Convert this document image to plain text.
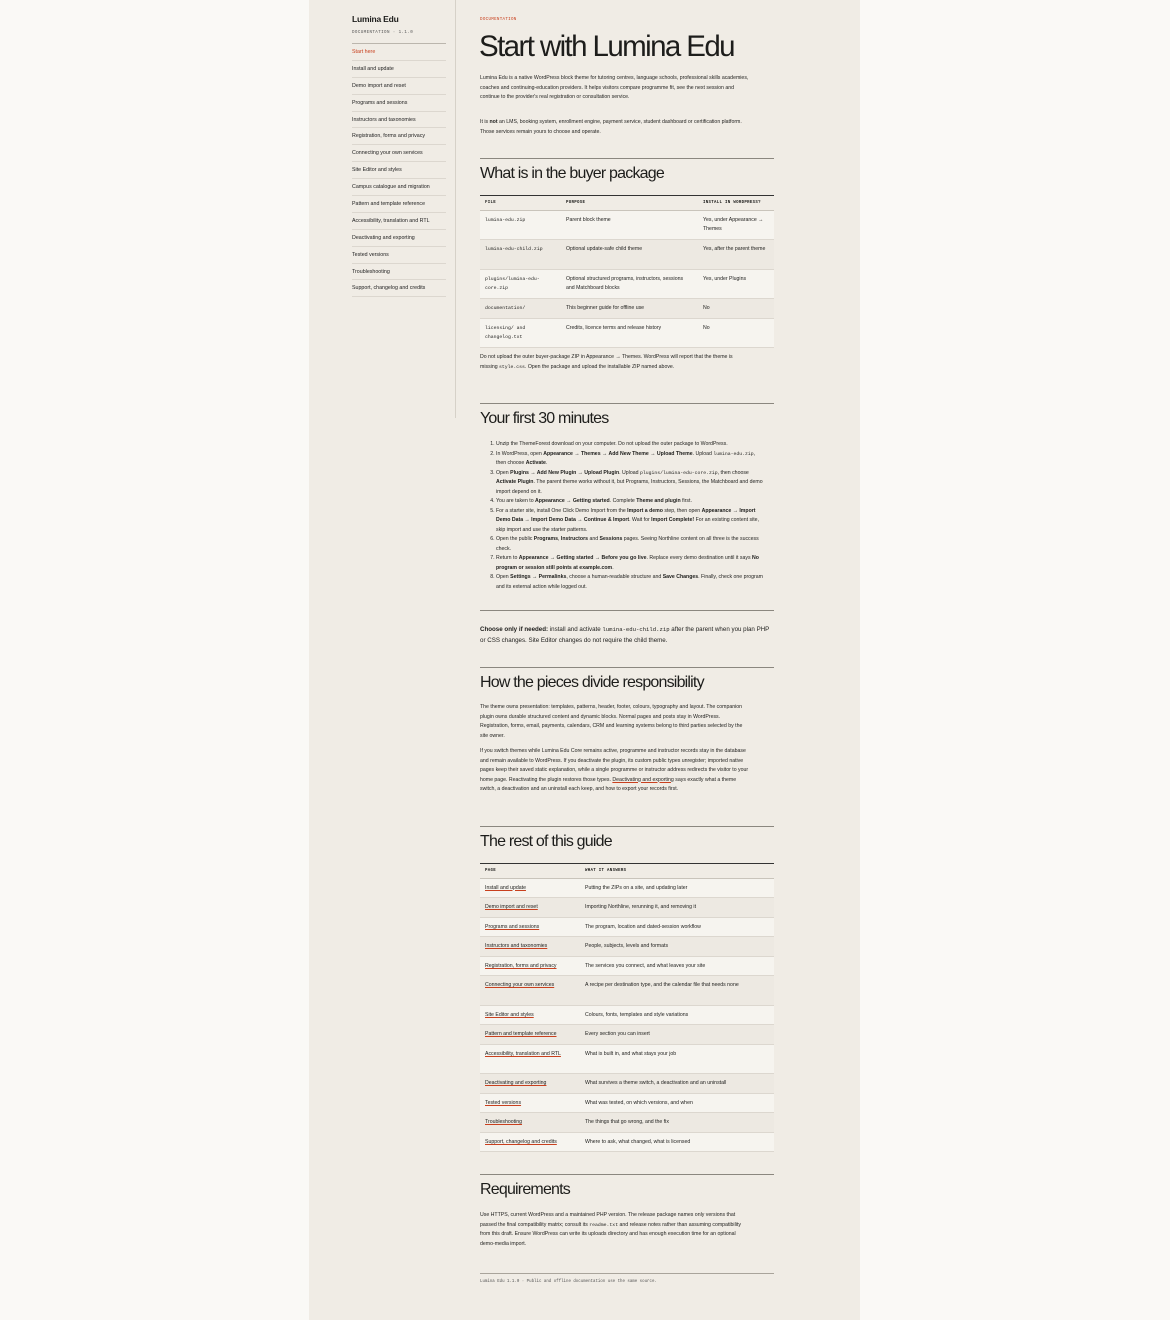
Lumina Edu
DOCUMENTATION · 1.1.0
Start here
Install and update
Demo import and reset
Programs and sessions
Instructors and taxonomies
Registration, forms and privacy
Connecting your own services
Site Editor and styles
Campus catalogue and migration
Pattern and template reference
Accessibility, translation and RTL
Deactivating and exporting
Tested versions
Troubleshooting
Support, changelog and credits
DOCUMENTATION
Start with Lumina Edu

Lumina Edu is a native WordPress block theme for tutoring centres, language schools, professional skills academies, coaches and continuing-education providers. It helps visitors compare programme fit, see the next session and continue to the provider's real registration or consultation service.

It is not an LMS, booking system, enrollment engine, payment service, student dashboard or certification platform. Those services remain yours to choose and operate.

What is in the buyer package
FILE	PURPOSE	INSTALL IN WORDPRESS?
lumina-edu.zip	Parent block theme	Yes, under Appearance → Themes
lumina-edu-child.zip	Optional update-safe child theme	Yes, after the parent theme
plugins/lumina-edu-core.zip	Optional structured programs, instructors, sessions and Matchboard blocks	Yes, under Plugins
documentation/	This beginner guide for offline use	No
licensing/ and changelog.txt	Credits, licence terms and release history	No

Do not upload the outer buyer-package ZIP in Appearance → Themes. WordPress will report that the theme is missing style.css. Open the package and upload the installable ZIP named above.

Your first 30 minutes
1. Unzip the ThemeForest download on your computer. Do not upload the outer package to WordPress.
2. In WordPress, open Appearance → Themes → Add New Theme → Upload Theme. Upload lumina-edu.zip, then choose Activate.
3. Open Plugins → Add New Plugin → Upload Plugin. Upload plugins/lumina-edu-core.zip, then choose Activate Plugin. The parent theme works without it, but Programs, Instructors, Sessions, the Matchboard and demo import depend on it.
4. You are taken to Appearance → Getting started. Complete Theme and plugin first.
5. For a starter site, install One Click Demo Import from the Import a demo step, then open Appearance → Import Demo Data → Import Demo Data → Continue & Import. Wait for Import Complete! For an existing content site, skip import and use the starter patterns.
6. Open the public Programs, Instructors and Sessions pages. Seeing Northline content on all three is the success check.
7. Return to Appearance → Getting started → Before you go live. Replace every demo destination until it says No program or session still points at example.com.
8. Open Settings → Permalinks, choose a human-readable structure and Save Changes. Finally, check one program and its external action while logged out.

Choose only if needed: install and activate lumina-edu-child.zip after the parent when you plan PHP or CSS changes. Site Editor changes do not require the child theme.

How the pieces divide responsibility

The theme owns presentation: templates, patterns, header, footer, colours, typography and layout. The companion plugin owns durable structured content and dynamic blocks. Normal pages and posts stay in WordPress. Registration, forms, email, payments, calendars, CRM and learning systems belong to third parties selected by the site owner.

If you switch themes while Lumina Edu Core remains active, programme and instructor records stay in the database and remain available to WordPress. If you deactivate the plugin, its custom public types unregister; imported native pages keep their saved static explanation, while a single programme or instructor address redirects the visitor to your home page. Reactivating the plugin restores those types. Deactivating and exporting says exactly what a theme switch, a deactivation and an uninstall each keep, and how to export your records first.

The rest of this guide
PAGE	WHAT IT ANSWERS
Install and update	Putting the ZIPs on a site, and updating later
Demo import and reset	Importing Northline, rerunning it, and removing it
Programs and sessions	The program, location and dated-session workflow
Instructors and taxonomies	People, subjects, levels and formats
Registration, forms and privacy	The services you connect, and what leaves your site
Connecting your own services	A recipe per destination type, and the calendar file that needs none
Site Editor and styles	Colours, fonts, templates and style variations
Pattern and template reference	Every section you can insert
Accessibility, translation and RTL	What is built in, and what stays your job
Deactivating and exporting	What survives a theme switch, a deactivation and an uninstall
Tested versions	What was tested, on which versions, and when
Troubleshooting	The things that go wrong, and the fix
Support, changelog and credits	Where to ask, what changed, what is licensed
Requirements

Use HTTPS, current WordPress and a maintained PHP version. The release package names only versions that passed the final compatibility matrix; consult its readme.txt and release notes rather than assuming compatibility from this draft. Ensure WordPress can write its uploads directory and has enough execution time for an optional demo-media import.

Lumina Edu 1.1.0 · Public and offline documentation use the same source.
